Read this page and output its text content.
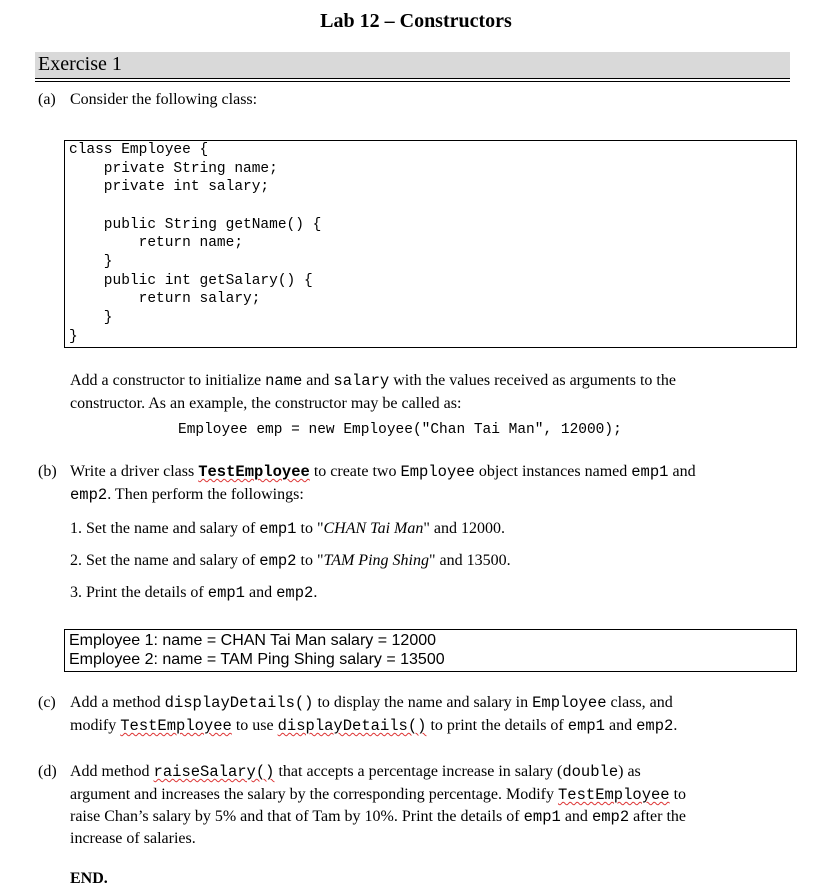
Lab 12 – Constructors
Exercise 1
(a) Consider the following class:
class Employee {
private String name;
private int salary;
public String getName() {
return name;
}
public int getSalary() {
return salary;
}
}
Add a constructor to initialize name and salary with the values received as arguments to the
constructor. As an example, the constructor may be called as:
Employee emp = new Employee("Chan Tai Man", 12000);
(b) Write a driver class TestEmployee to create two Employee object instances named emp1 and
emp2. Then perform the followings:
1. Set the name and salary of emp1 to "CHAN Tai Man" and 12000.
2. Set the name and salary of emp2 to "TAM Ping Shing" and 13500.
3. Print the details of emp1 and emp2.
Employee 1: name = CHAN Tai Man salary = 12000
Employee 2: name = TAM Ping Shing salary = 13500
(c) Add a method displayDetails() to display the name and salary in Employee class, and
modify TestEmployee to use displayDetails() to print the details of emp1 and emp2.
(d) Add method raiseSalary() that accepts a percentage increase in salary (double) as
argument and increases the salary by the corresponding percentage. Modify TestEmployee to
raise Chan’s salary by 5% and that of Tam by 10%. Print the details of emp1 and emp2 after the
increase of salaries.
END.
